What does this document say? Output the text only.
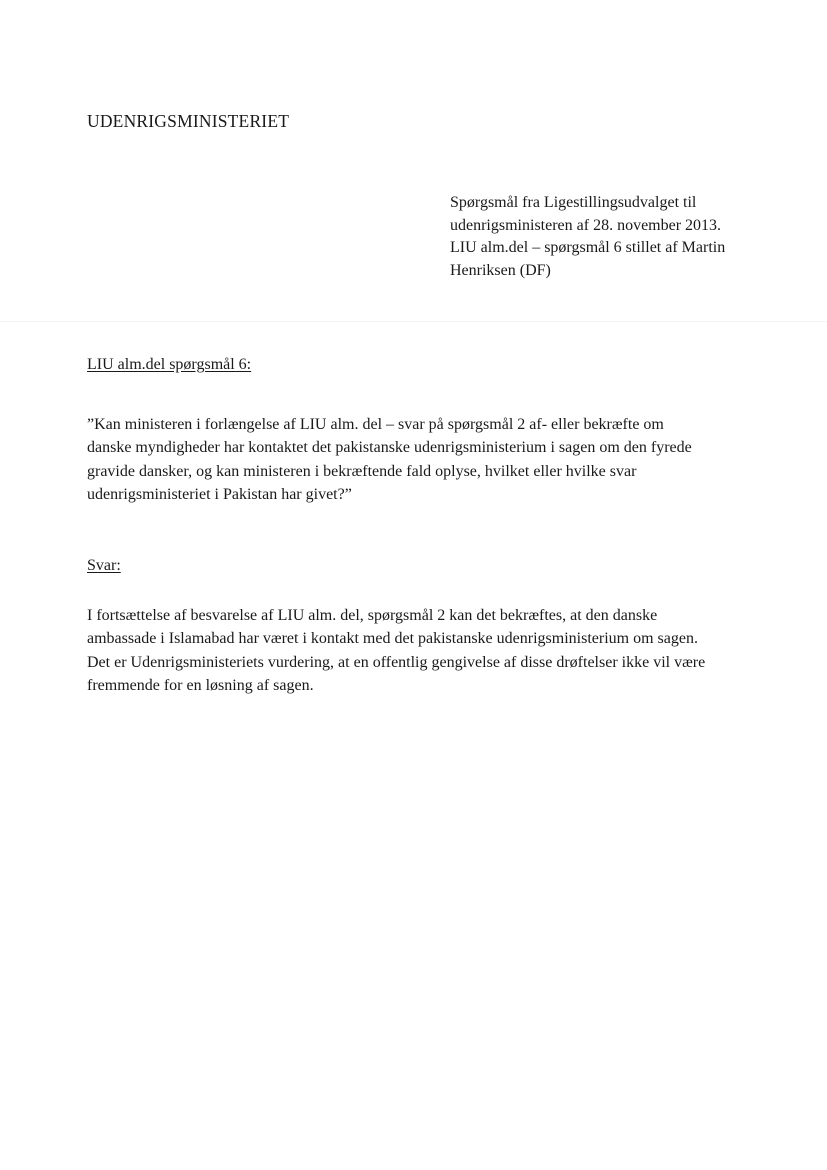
UDENRIGSMINISTERIET
Spørgsmål fra Ligestillingsudvalget til
udenrigsministeren af 28. november 2013.
LIU alm.del – spørgsmål 6 stillet af Martin
Henriksen (DF)
LIU alm.del spørgsmål 6:
”Kan ministeren i forlængelse af LIU alm. del – svar på spørgsmål 2 af- eller bekræfte om
danske myndigheder har kontaktet det pakistanske udenrigsministerium i sagen om den fyrede
gravide dansker, og kan ministeren i bekræftende fald oplyse, hvilket eller hvilke svar
udenrigsministeriet i Pakistan har givet?”
Svar:
I fortsættelse af besvarelse af LIU alm. del, spørgsmål 2 kan det bekræftes, at den danske
ambassade i Islamabad har været i kontakt med det pakistanske udenrigsministerium om sagen.
Det er Udenrigsministeriets vurdering, at en offentlig gengivelse af disse drøftelser ikke vil være
fremmende for en løsning af sagen.
